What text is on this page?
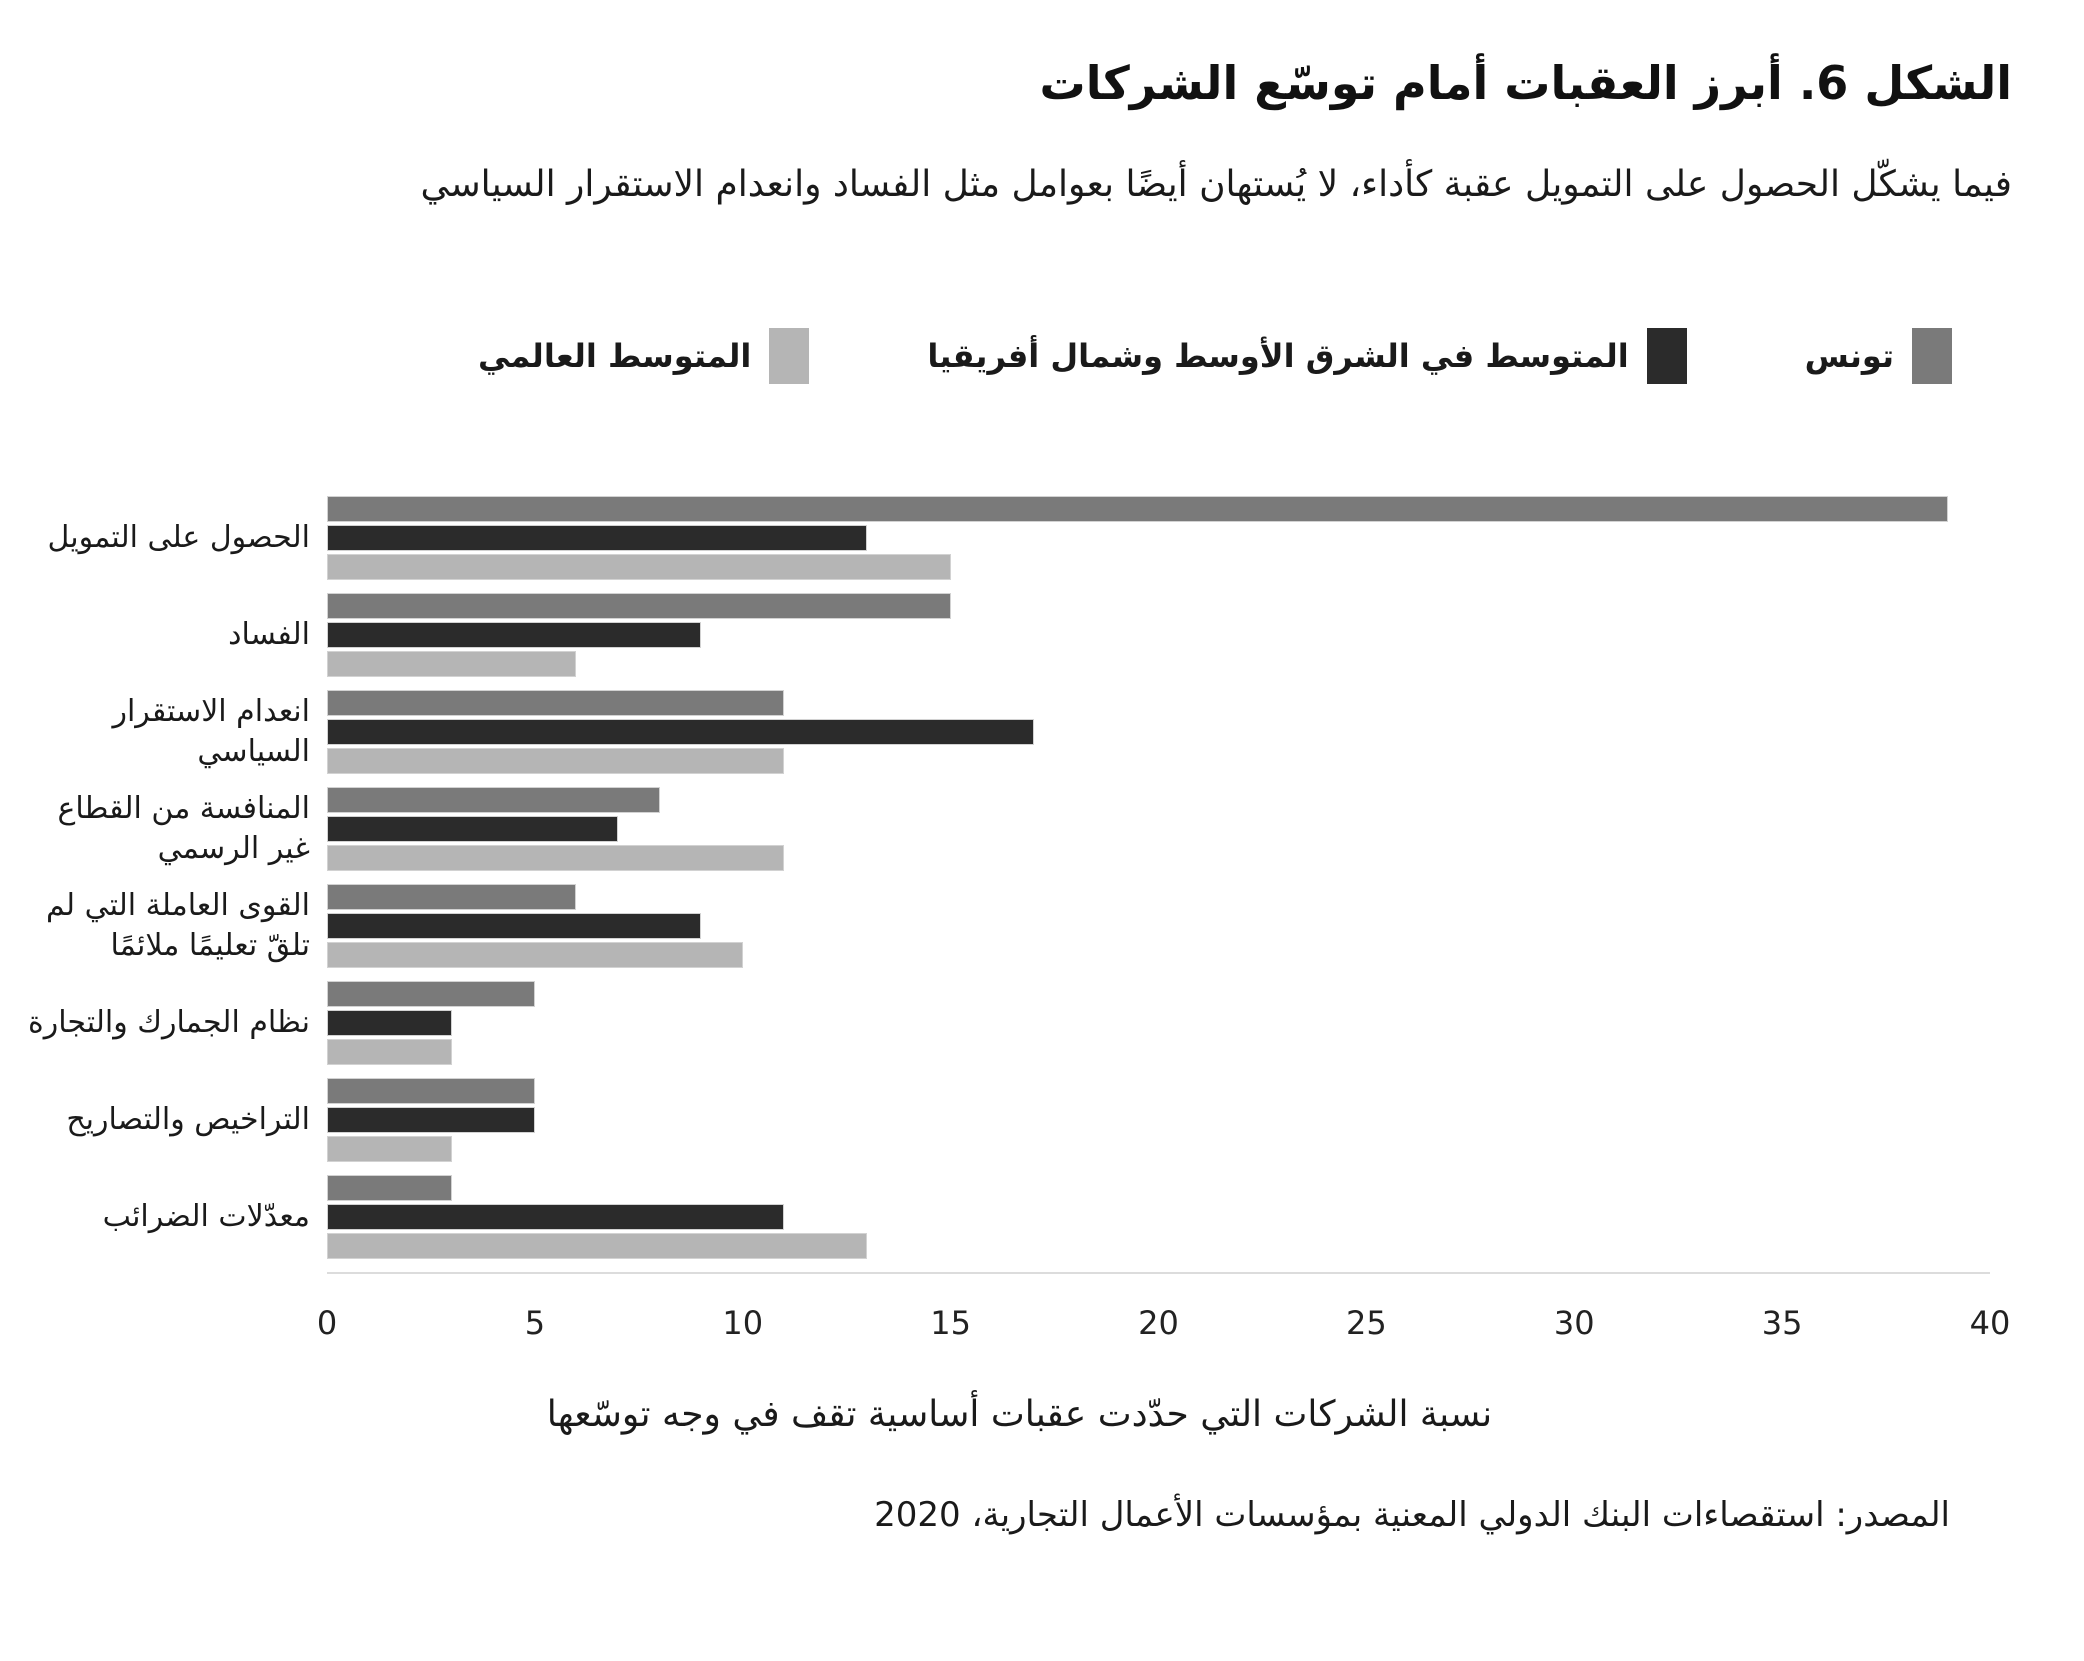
الشكل 6. أبرز العقبات أمام توسّع الشركات

فيما يشكّل الحصول على التمويل عقبة كأداء، لا يُستهان أيضًا بعوامل مثل الفساد وانعدام الاستقرار السياسي

تونس
المتوسط في الشرق الأوسط وشمال أفريقيا
المتوسط العالمي
الحصول على التمويل
الفساد
انعدام الاستقرار السياسي
المنافسة من القطاع غير الرسمي
القوى العاملة التي لم تلقّ تعليمًا ملائمًا
نظام الجمارك والتجارة
التراخيص والتصاريح
معدّلات الضرائب
0	5	10	15	20	25	30	35	40
نسبة الشركات التي حدّدت عقبات أساسية تقف في وجه توسّعها
المصدر: استقصاءات البنك الدولي المعنية بمؤسسات الأعمال التجارية، 2020
